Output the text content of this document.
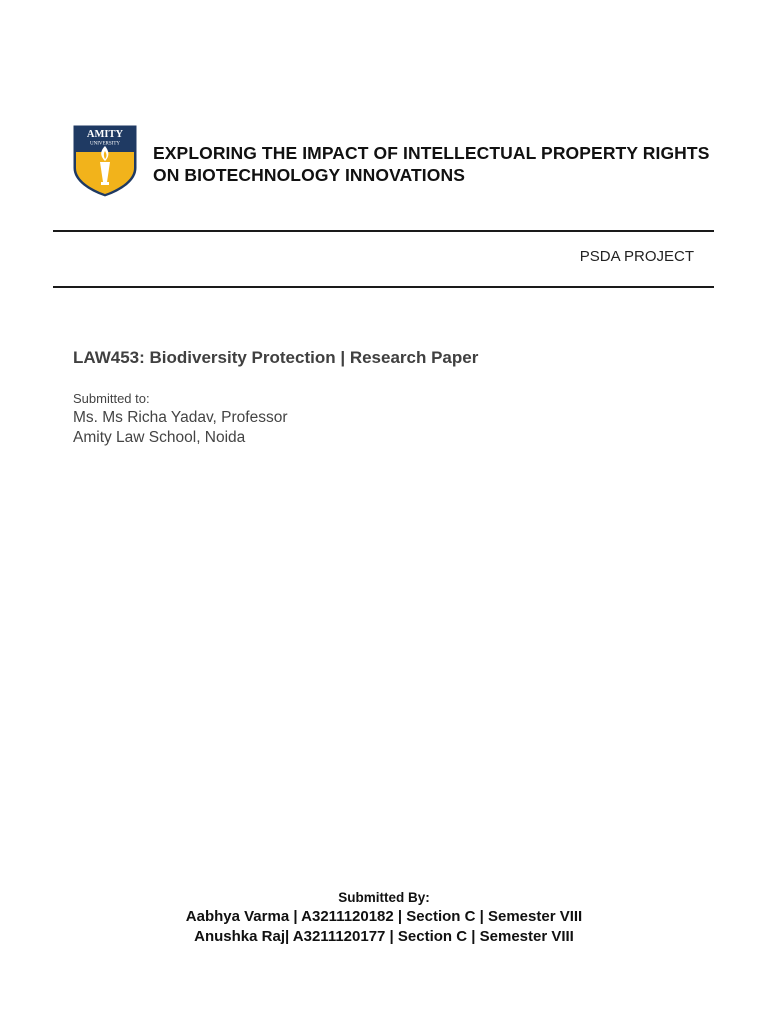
AMITY
UNIVERSITY EXPLORING THE IMPACT OF INTELLECTUAL PROPERTY RIGHTS
ON BIOTECHNOLOGY INNOVATIONS
PSDA PROJECT
LAW453: Biodiversity Protection | Research Paper
Submitted to:
Ms. Ms Richa Yadav, Professor
Amity Law School, Noida
Submitted By:
Aabhya Varma | A3211120182 | Section C | Semester VIII
Anushka Raj| A3211120177 | Section C | Semester VIII
